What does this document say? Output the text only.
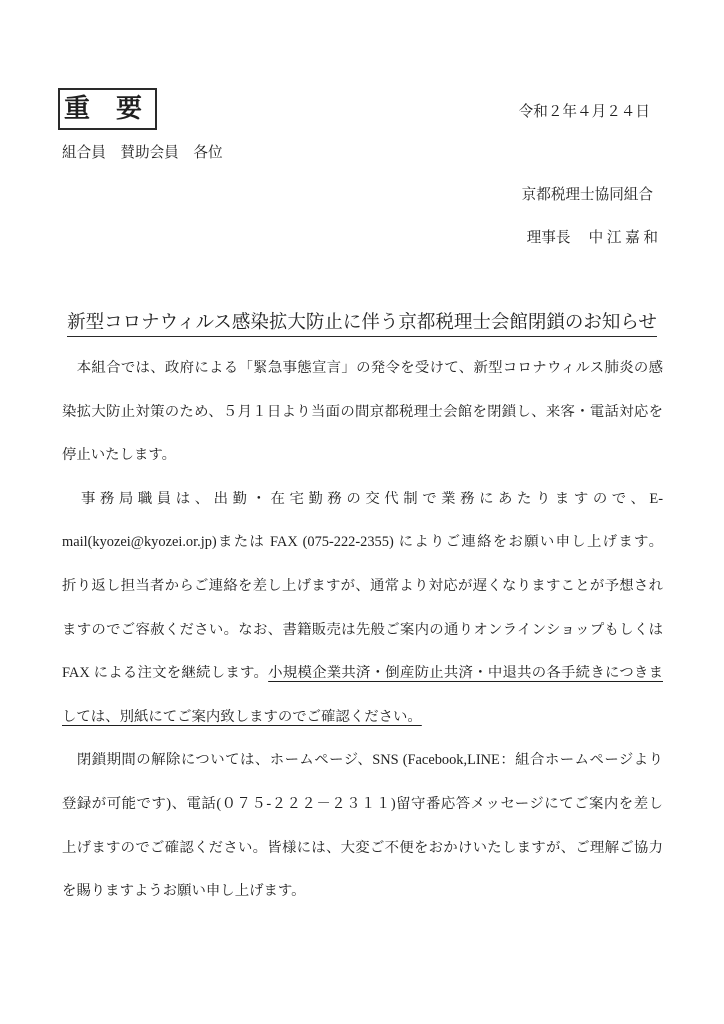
重　要	令和２年４月２４日
組合員　賛助会員　各位
京都税理士協同組合
理事長　 中 江 嘉 和
新型コロナウィルス感染拡大防止に伴う京都税理士会館閉鎖のお知らせ
　本組合では、政府による「緊急事態宣言」の発令を受けて、新型コロナウィルス肺炎の感
染拡大防止対策のため、５月１日より当面の間京都税理士会館を閉鎖し、来客・電話対応を
停止いたします。
　事務局職員は、出勤・在宅勤務の交代制で業務にあたりますので、E-
mail(kyozei@kyozei.or.jp)または FAX (075-222-2355) によりご連絡をお願い申し上げます。
折り返し担当者からご連絡を差し上げますが、通常より対応が遅くなりますことが予想され
ますのでご容赦ください。なお、書籍販売は先般ご案内の通りオンラインショップもしくは
FAX による注文を継続します。小規模企業共済・倒産防止共済・中退共の各手続きにつきま
しては、別紙にてご案内致しますのでご確認ください。
　閉鎖期間の解除については、ホームページ、SNS (Facebook,LINE：組合ホームページより
登録が可能です)、電話(０７５-２２２－２３１１)留守番応答メッセージにてご案内を差し
上げますのでご確認ください。皆様には、大変ご不便をおかけいたしますが、ご理解ご協力
を賜りますようお願い申し上げます。
